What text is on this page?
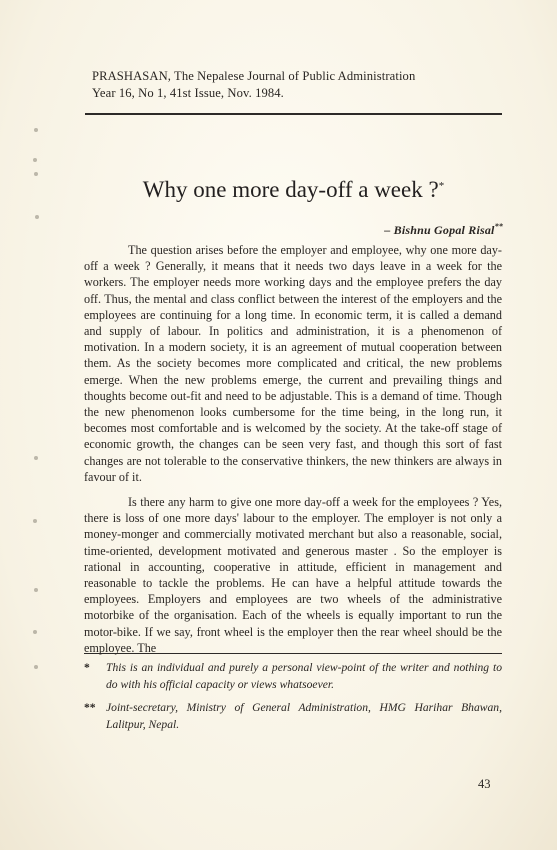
PRASHASAN, The Nepalese Journal of Public Administration
Year 16, No 1, 41st Issue, Nov. 1984.
Why one more day-off a week ?*
– Bishnu Gopal Risal**

The question arises before the employer and employee, why one more day-off a week ? Generally, it means that it needs two days leave in a week for the workers. The employer needs more working days and the employee prefers the day off. Thus, the mental and class conflict between the interest of the employers and the employees are continuing for a long time. In economic term, it is called a demand and supply of labour. In politics and administration, it is a phenomenon of motivation. In a modern society, it is an agreement of mutual cooperation between them. As the society becomes more complicated and critical, the new problems emerge. When the new problems emerge, the current and prevailing things and thoughts become out-fit and need to be adjustable. This is a demand of time. Though the new phenomenon looks cumbersome for the time being, in the long run, it becomes most comfortable and is welcomed by the society. At the take-off stage of economic growth, the changes can be seen very fast, and though this sort of fast changes are not tolerable to the conservative thinkers, the new thinkers are always in favour of it.

Is there any harm to give one more day-off a week for the employees ? Yes, there is loss of one more days' labour to the employer. The employer is not only a money-monger and commercially motivated merchant but also a reasonable, social, time-oriented, development motivated and generous master . So the employer is rational in accounting, cooperative in attitude, efficient in management and reasonable to tackle the problems. He can have a helpful attitude towards the employees. Employers and employees are two wheels of the administrative motorbike of the organisation. Each of the wheels is equally important to run the motor-bike. If we say, front wheel is the employer then the rear wheel should be the employee. The

*	This is an individual and purely a personal view-point of the writer and nothing to do with his official capacity or views whatsoever.
** Joint-secretary, Ministry of General Administration, HMG Harihar Bhawan, Lalitpur, Nepal.
43
